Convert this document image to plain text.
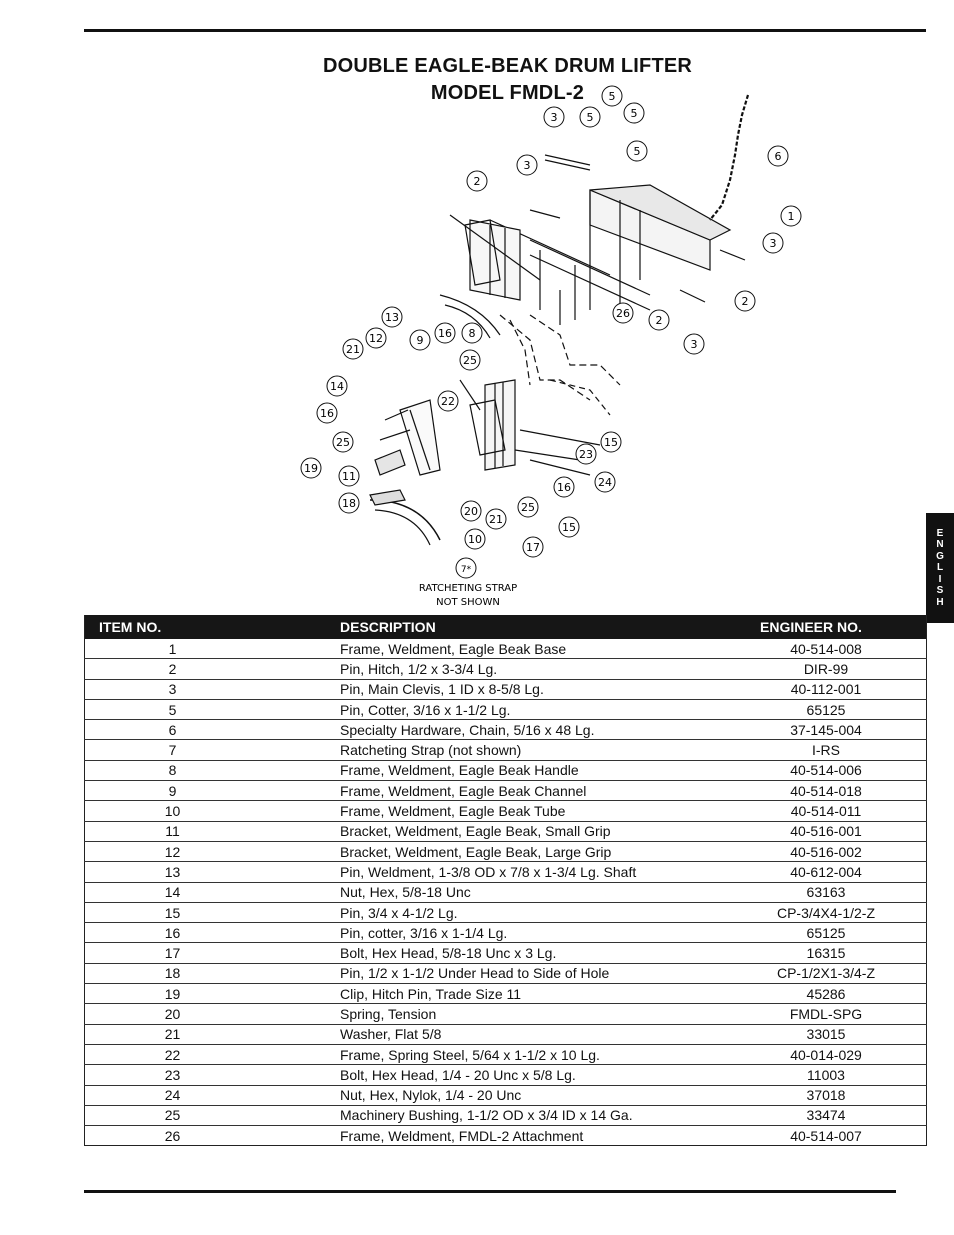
DOUBLE EAGLE-BEAK DRUM LIFTER
MODEL FMDL-2	5
3	5	5
3
6
5
2
1
3
2
26
2
3
13
12
21
9
16 8
25
14
16
22
25	15
23
24
16
19
11
18
20
21
25
15
17
10
7*
RATCHETING STRAP
NOT SHOWN
E
N
G
L
I
S
H
ITEM NO.	DESCRIPTION	ENGINEER NO.
1	Frame, Weldment, Eagle Beak Base	40-514-008
2	Pin, Hitch, 1/2 x 3-3/4 Lg.	DIR-99
3	Pin, Main Clevis, 1 ID x 8-5/8 Lg.	40-112-001
5	Pin, Cotter, 3/16 x 1-1/2 Lg.	65125
6	Specialty Hardware, Chain, 5/16 x 48 Lg.	37-145-004
7	Ratcheting Strap (not shown)	I-RS
8	Frame, Weldment, Eagle Beak Handle	40-514-006
9	Frame, Weldment, Eagle Beak Channel	40-514-018
10	Frame, Weldment, Eagle Beak Tube	40-514-011
11	Bracket, Weldment, Eagle Beak, Small Grip	40-516-001
12	Bracket, Weldment, Eagle Beak, Large Grip	40-516-002
13	Pin, Weldment, 1-3/8 OD x 7/8 x 1-3/4 Lg. Shaft	40-612-004
14	Nut, Hex, 5/8-18 Unc	63163
15	Pin, 3/4 x 4-1/2 Lg.	CP-3/4X4-1/2-Z
16	Pin, cotter, 3/16 x 1-1/4 Lg.	65125
17	Bolt, Hex Head, 5/8-18 Unc x 3 Lg.	16315
18	Pin, 1/2 x 1-1/2 Under Head to Side of Hole	CP-1/2X1-3/4-Z
19	Clip, Hitch Pin, Trade Size 11	45286
20	Spring, Tension	FMDL-SPG
21	Washer, Flat 5/8	33015
22	Frame, Spring Steel, 5/64 x 1-1/2 x 10 Lg.	40-014-029
23	Bolt, Hex Head, 1/4 - 20 Unc x 5/8 Lg.	11003
24	Nut, Hex, Nylok, 1/4 - 20 Unc	37018
25	Machinery Bushing, 1-1/2 OD x 3/4 ID x 14 Ga.	33474
26	Frame, Weldment, FMDL-2 Attachment	40-514-007
